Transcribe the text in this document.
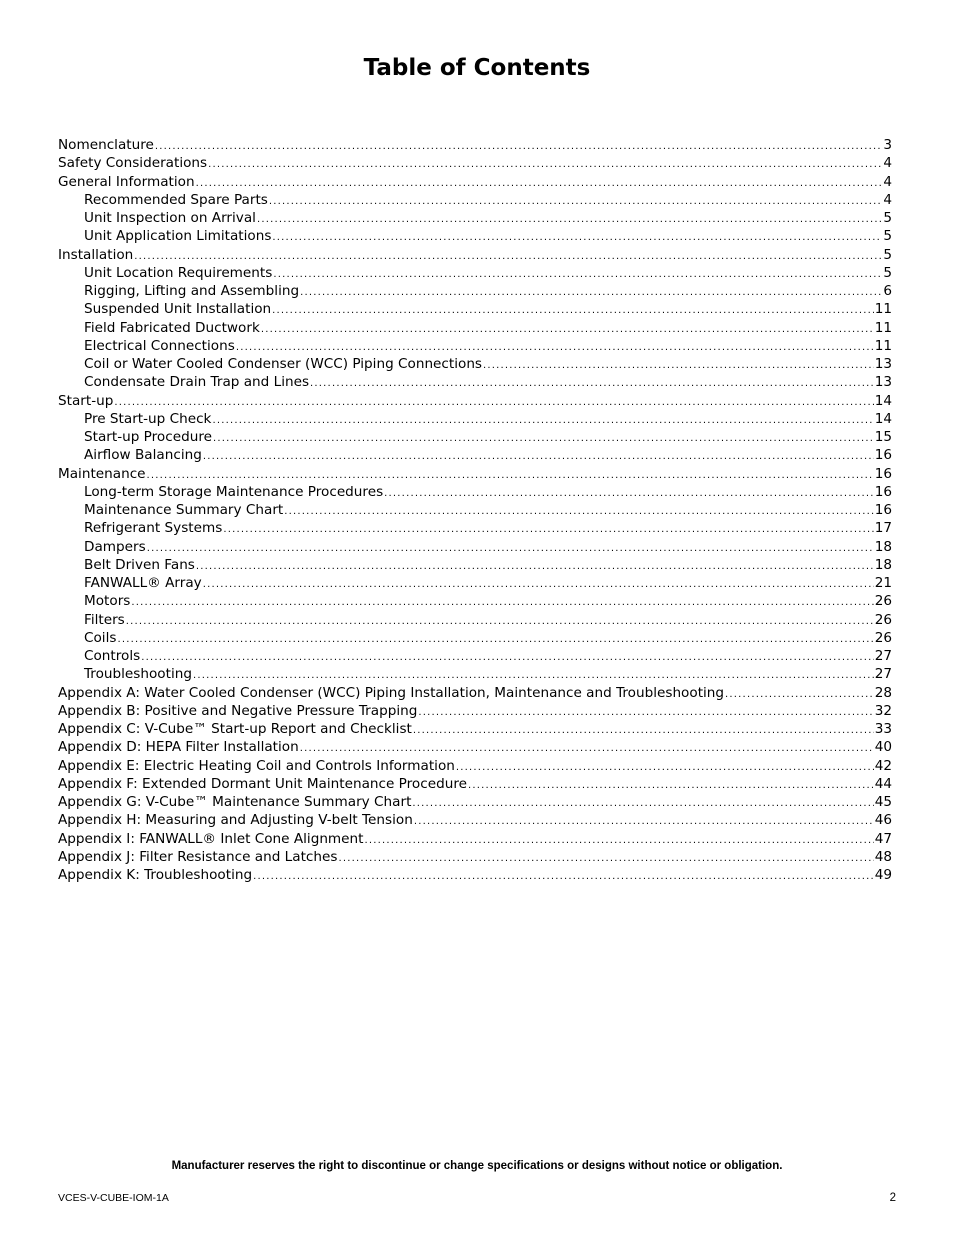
Table of Contents
Nomenclature .....	3
Safety Considerations .....	4
General Information .....	4
Recommended Spare Parts .....	4
Unit Inspection on Arrival .....	5
Unit Application Limitations .....	5
Installation .....	5
Unit Location Requirements .....	5
Rigging, Lifting and Assembling .....	6
Suspended Unit Installation .....	11
Field Fabricated Ductwork .....	11
Electrical Connections .....	11
Coil or Water Cooled Condenser (WCC) Piping Connections .....	13
Condensate Drain Trap and Lines .....	13
Start-up .....	14
Pre Start-up Check .....	14
Start-up Procedure .....	15
Airflow Balancing .....	16
Maintenance .....	16
Long-term Storage Maintenance Procedures .....	16
Maintenance Summary Chart .....	16
Refrigerant Systems .....	17
Dampers .....	18
Belt Driven Fans .....	18
FANWALL® Array .....	21
Motors .....	26
Filters .....	26
Coils .....	26
Controls .....	27
Troubleshooting .....	27
Appendix A: Water Cooled Condenser (WCC) Piping Installation, Maintenance and Troubleshooting .....	28
Appendix B: Positive and Negative Pressure Trapping .....	32
Appendix C: V-Cube™ Start-up Report and Checklist .....	33
Appendix D: HEPA Filter Installation .....	40
Appendix E: Electric Heating Coil and Controls Information .....	42
Appendix F: Extended Dormant Unit Maintenance Procedure .....	44
Appendix G: V-Cube™ Maintenance Summary Chart .....	45
Appendix H: Measuring and Adjusting V-belt Tension .....	46
Appendix I: FANWALL® Inlet Cone Alignment .....	47
Appendix J: Filter Resistance and Latches .....	48
Appendix K: Troubleshooting .....	49
Manufacturer reserves the right to discontinue or change specifications or designs without notice or obligation.
VCES-V-CUBE-IOM-1A	2
